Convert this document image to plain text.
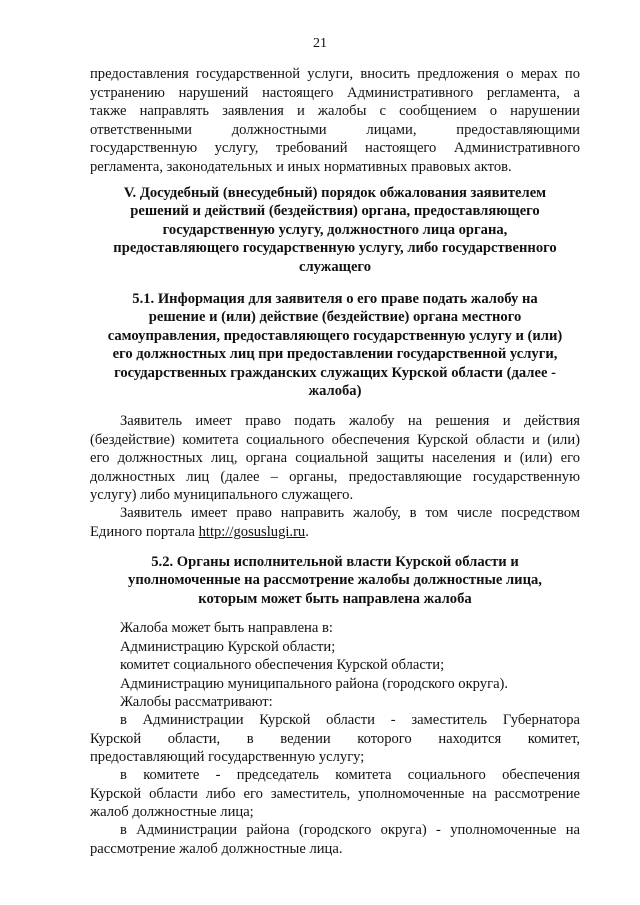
21

предоставления государственной услуги, вносить предложения о мерах по

устранению нарушений настоящего Административного регламента, а

также направлять заявления и жалобы с сообщением о нарушении

ответственными должностными лицами, предоставляющими

государственную услугу, требований настоящего Административного

регламента, законодательных и иных нормативных правовых актов.

V. Досудебный (внесудебный) порядок обжалования заявителем
решений и действий (бездействия) органа, предоставляющего
государственную услугу, должностного лица органа,
предоставляющего государственную услугу, либо государственного
служащего
5.1. Информация для заявителя о его праве подать жалобу на
решение и (или) действие (бездействие) органа местного
самоуправления, предоставляющего государственную услугу и (или)
его должностных лиц при предоставлении государственной услуги,
государственных гражданских служащих Курской области (далее -
жалоба)

Заявитель имеет право подать жалобу на решения и действия

(бездействие) комитета социального обеспечения Курской области и (или)

его должностных лиц, органа социальной защиты населения и (или) его

должностных лиц (далее – органы, предоставляющие государственную

услугу) либо муниципального служащего.

Заявитель имеет право направить жалобу, в том числе посредством

Единого портала http://gosuslugi.ru.

5.2. Органы исполнительной власти Курской области и
уполномоченные на рассмотрение жалобы должностные лица,
которым может быть направлена жалоба

Жалоба может быть направлена в:

Администрацию Курской области;

комитет социального обеспечения Курской области;

Администрацию муниципального района (городского округа).

Жалобы рассматривают:

в Администрации Курской области - заместитель Губернатора

Курской области, в ведении которого находится комитет,

предоставляющий государственную услугу;

в комитете - председатель комитета социального обеспечения

Курской области либо его заместитель, уполномоченные на рассмотрение

жалоб должностные лица;

в Администрации района (городского округа) - уполномоченные на

рассмотрение жалоб должностные лица.
